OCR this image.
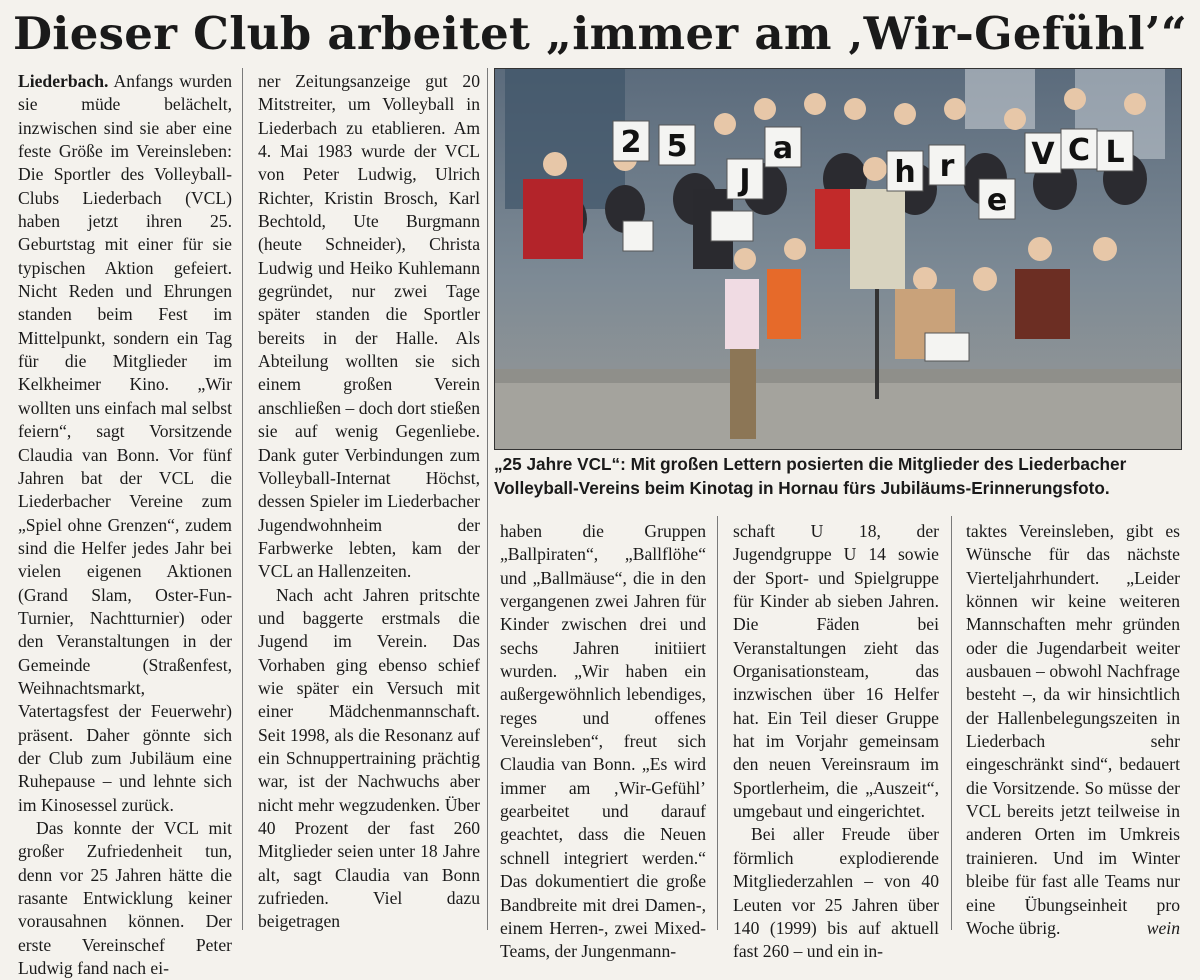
Dieser Club arbeitet „immer am ‚Wir-Gefühl’“

Liederbach. Anfangs wurden sie müde belächelt, inzwischen sind sie aber eine feste Größe im Vereinsleben: Die Sportler des Volleyball-Clubs Liederbach (VCL) haben jetzt ihren 25. Geburtstag mit einer für sie typischen Aktion gefeiert. Nicht Reden und Ehrungen standen beim Fest im Mittelpunkt, sondern ein Tag für die Mitglieder im Kelkheimer Kino. „Wir wollten uns einfach mal selbst feiern“, sagt Vorsitzende Claudia van Bonn. Vor fünf Jahren bat der VCL die Liederbacher Vereine zum „Spiel ohne Grenzen“, zudem sind die Helfer jedes Jahr bei vielen eigenen Aktionen (Grand Slam, Oster-Fun-Turnier, Nachtturnier) oder den Veranstaltungen in der Gemeinde (Straßenfest, Weihnachtsmarkt, Vatertagsfest der Feuerwehr) präsent. Daher gönnte sich der Club zum Jubiläum eine Ruhepause – und lehnte sich im Kinosessel zurück.

Das konnte der VCL mit großer Zufriedenheit tun, denn vor 25 Jahren hätte die rasante Entwicklung keiner vorausahnen können. Der erste Vereinschef Peter Ludwig fand nach ei-

ner Zeitungsanzeige gut 20 Mitstreiter, um Volleyball in Liederbach zu etablieren. Am 4. Mai 1983 wurde der VCL von Peter Ludwig, Ulrich Richter, Kristin Brosch, Karl Bechtold, Ute Burgmann (heute Schneider), Christa Ludwig und Heiko Kuhlemann gegründet, nur zwei Tage später standen die Sportler bereits in der Halle. Als Abteilung wollten sie sich einem großen Verein anschließen – doch dort stießen sie auf wenig Gegenliebe. Dank guter Verbindungen zum Volleyball-Internat Höchst, dessen Spieler im Liederbacher Jugendwohnheim der Farbwerke lebten, kam der VCL an Hallenzeiten.

Nach acht Jahren pritschte und baggerte erstmals die Jugend im Verein. Das Vorhaben ging ebenso schief wie später ein Versuch mit einer Mädchenmannschaft. Seit 1998, als die Resonanz auf ein Schnuppertraining prächtig war, ist der Nachwuchs aber nicht mehr wegzudenken. Über 40 Prozent der fast 260 Mitglieder seien unter 18 Jahre alt, sagt Claudia van Bonn zufrieden. Viel dazu beigetragen

2 5
J
a
h r
e
V C L
„25 Jahre VCL“: Mit großen Lettern posierten die Mitglieder des Liederbacher Volleyball-Vereins beim Kinotag in Hornau fürs Jubiläums-Erinnerungsfoto.

haben die Gruppen „Ballpiraten“, „Ballflöhe“ und „Ballmäuse“, die in den vergangenen zwei Jahren für Kinder zwischen drei und sechs Jahren initiiert wurden. „Wir haben ein außergewöhnlich lebendiges, reges und offenes Vereinsleben“, freut sich Claudia van Bonn. „Es wird immer am ‚Wir-Gefühl’ gearbeitet und darauf geachtet, dass die Neuen schnell integriert werden.“ Das dokumentiert die große Bandbreite mit drei Damen-, einem Herren-, zwei Mixed-Teams, der Jungenmann-

schaft U 18, der Jugendgruppe U 14 sowie der Sport- und Spielgruppe für Kinder ab sieben Jahren. Die Fäden bei Veranstaltungen zieht das Organisationsteam, das inzwischen über 16 Helfer hat. Ein Teil dieser Gruppe hat im Vorjahr gemeinsam den neuen Vereinsraum im Sportlerheim, die „Auszeit“, umgebaut und eingerichtet.

Bei aller Freude über förmlich explodierende Mitgliederzahlen – von 40 Leuten vor 25 Jahren über 140 (1999) bis auf aktuell fast 260 – und ein in-

taktes Vereinsleben, gibt es Wünsche für das nächste Vierteljahrhundert. „Leider können wir keine weiteren Mannschaften mehr gründen oder die Jugendarbeit weiter ausbauen – obwohl Nachfrage besteht –, da wir hinsichtlich der Hallenbelegungszeiten in Liederbach sehr eingeschränkt sind“, bedauert die Vorsitzende. So müsse der VCL bereits jetzt teilweise in anderen Orten im Umkreis trainieren. Und im Winter bleibe für fast alle Teams nur eine Übungseinheit pro Woche übrig.	wein
